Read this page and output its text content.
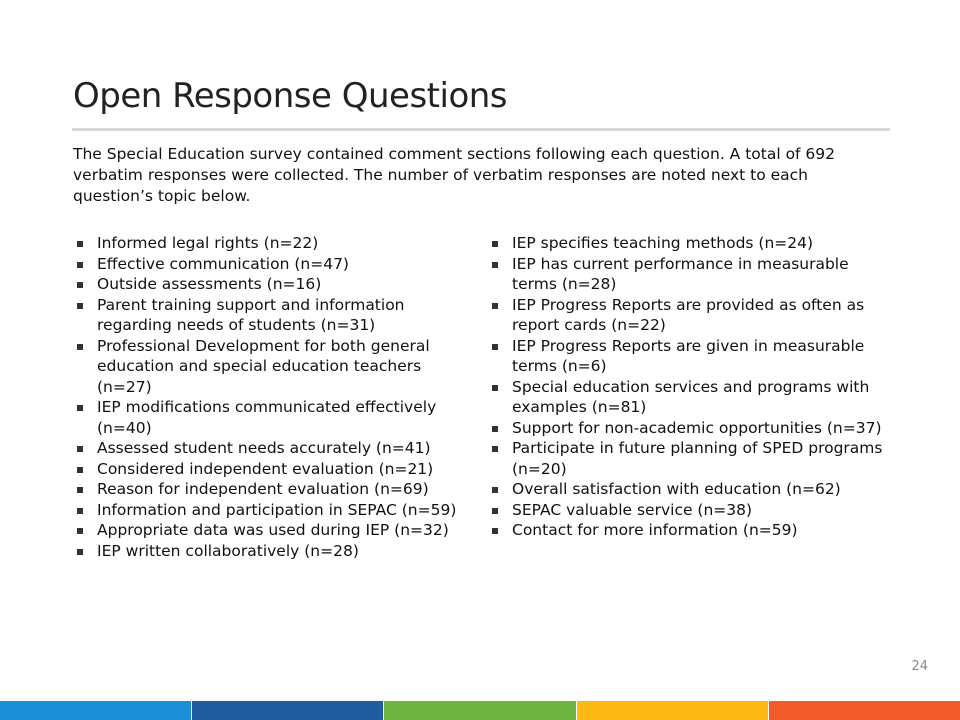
Open Response Questions

The Special Education survey contained comment sections following each question. A total of 692 verbatim responses were collected. The number of verbatim responses are noted next to each question’s topic below.

Informed legal rights (n=22)
Effective communication (n=47)
Outside assessments (n=16)
Parent training support and information regarding needs of students (n=31)
Professional Development for both general education and special education teachers (n=27)
IEP modifications communicated effectively (n=40)
Assessed student needs accurately (n=41)
Considered independent evaluation (n=21)
Reason for independent evaluation (n=69)
Information and participation in SEPAC (n=59)
Appropriate data was used during IEP (n=32)
IEP written collaboratively (n=28)
IEP specifies teaching methods (n=24)
IEP has current performance in measurable terms (n=28)
IEP Progress Reports are provided as often as report cards (n=22)
IEP Progress Reports are given in measurable terms (n=6)
Special education services and programs with examples (n=81)
Support for non-academic opportunities (n=37)
Participate in future planning of SPED programs (n=20)
Overall satisfaction with education (n=62)
SEPAC valuable service (n=38)
Contact for more information (n=59)
24
